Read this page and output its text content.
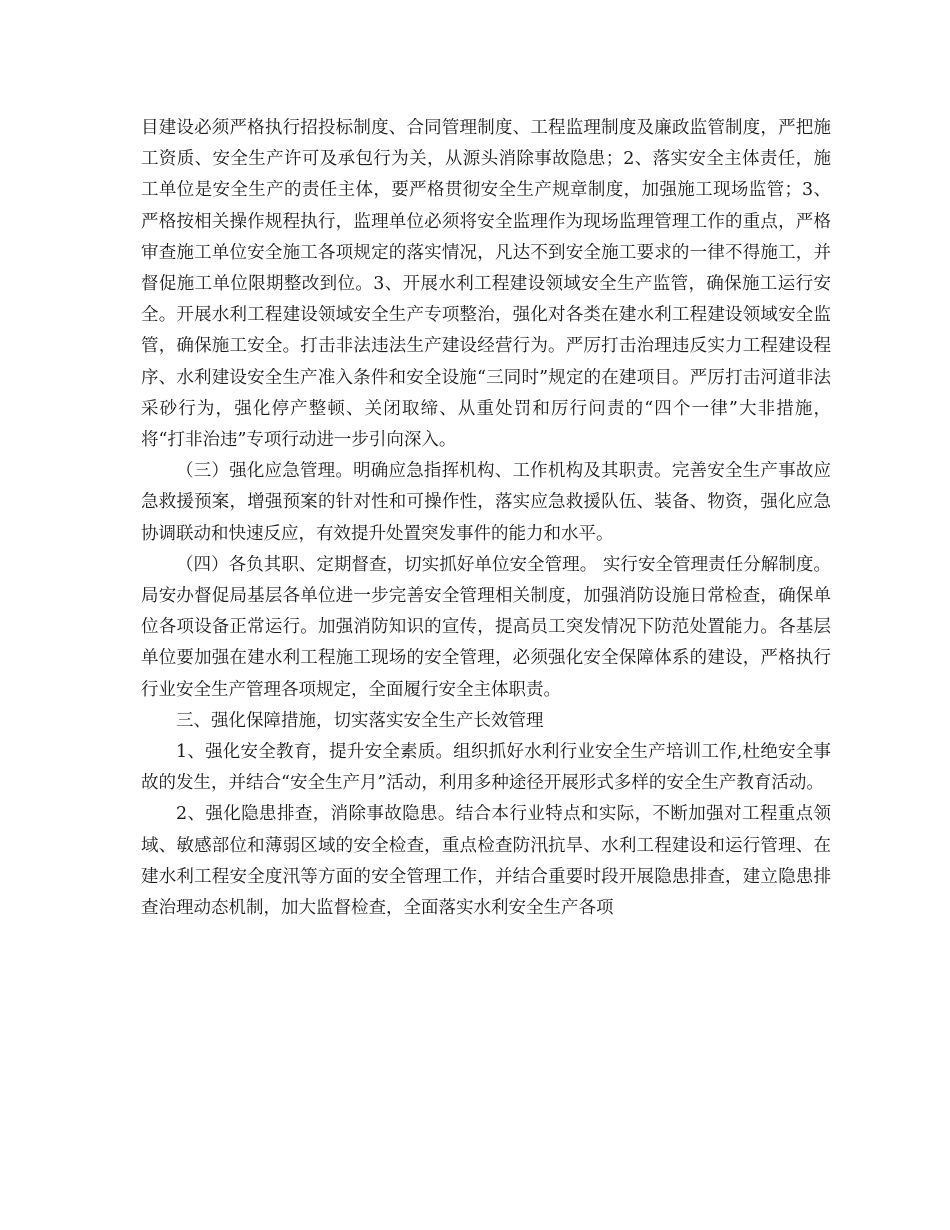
目建设必须严格执行招投标制度、合同管理制度、工程监理制度及廉政监管制度，严把施工资质、安全生产许可及承包行为关，从源头消除事故隐患；2、落实安全主体责任，施工单位是安全生产的责任主体，要严格贯彻安全生产规章制度，加强施工现场监管；3、严格按相关操作规程执行，监理单位必须将安全监理作为现场监理管理工作的重点，严格审查施工单位安全施工各项规定的落实情况，凡达不到安全施工要求的一律不得施工，并督促施工单位限期整改到位。3、开展水利工程建设领域安全生产监管，确保施工运行安全。开展水利工程建设领域安全生产专项整治，强化对各类在建水利工程建设领域安全监管，确保施工安全。打击非法违法生产建设经营行为。严厉打击治理违反实力工程建设程序、水利建设安全生产准入条件和安全设施“三同时”规定的在建项目。严厉打击河道非法采砂行为，强化停产整顿、关闭取缔、从重处罚和厉行问责的“四个一律”大非措施，将“打非治违”专项行动进一步引向深入。

（三）强化应急管理。明确应急指挥机构、工作机构及其职责。完善安全生产事故应急救援预案，增强预案的针对性和可操作性，落实应急救援队伍、装备、物资，强化应急协调联动和快速反应，有效提升处置突发事件的能力和水平。

（四）各负其职、定期督查，切实抓好单位安全管理。 实行安全管理责任分解制度。局安办督促局基层各单位进一步完善安全管理相关制度，加强消防设施日常检查，确保单位各项设备正常运行。加强消防知识的宣传，提高员工突发情况下防范处置能力。各基层单位要加强在建水利工程施工现场的安全管理，必须强化安全保障体系的建设，严格执行行业安全生产管理各项规定，全面履行安全主体职责。

三、强化保障措施，切实落实安全生产长效管理

1、强化安全教育，提升安全素质。组织抓好水利行业安全生产培训工作,杜绝安全事故的发生，并结合“安全生产月”活动，利用多种途径开展形式多样的安全生产教育活动。

2、强化隐患排查，消除事故隐患。结合本行业特点和实际，不断加强对工程重点领域、敏感部位和薄弱区域的安全检查，重点检查防汛抗旱、水利工程建设和运行管理、在建水利工程安全度汛等方面的安全管理工作，并结合重要时段开展隐患排查，建立隐患排查治理动态机制，加大监督检查，全面落实水利安全生产各项
